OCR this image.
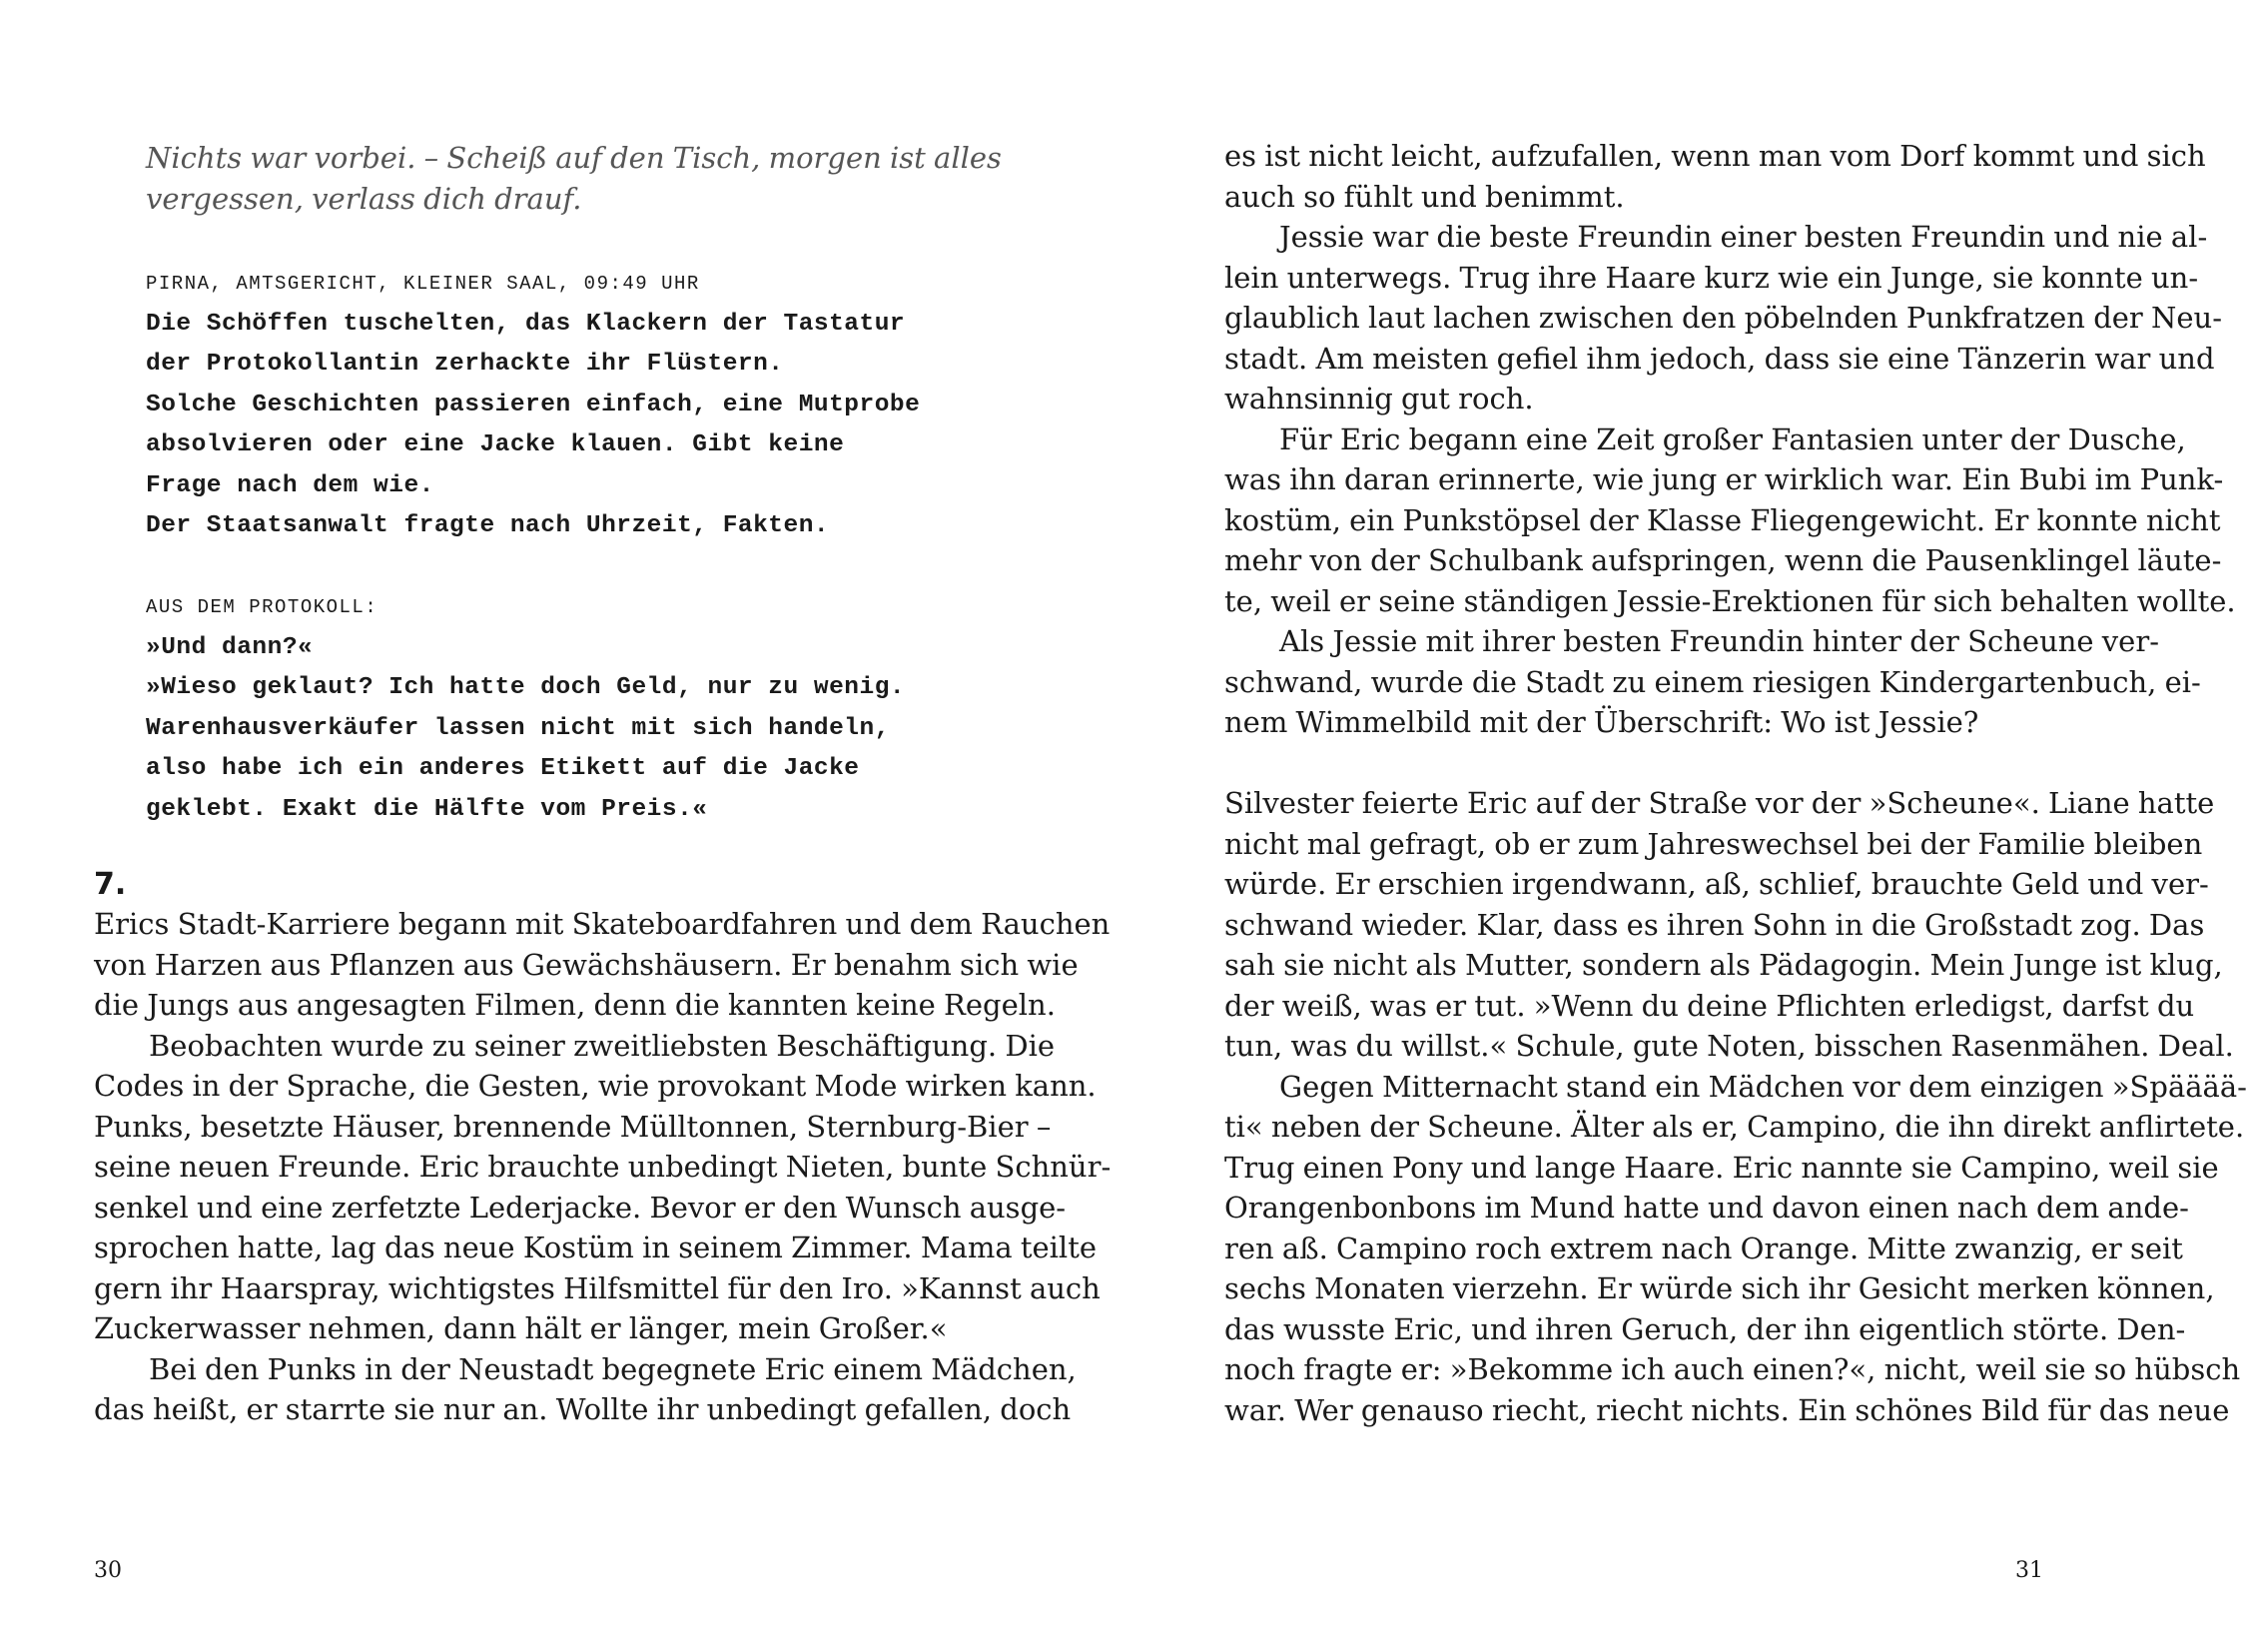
Nichts war vorbei. – Scheiß auf den Tisch, morgen ist alles
vergessen, verlass dich drauf.
PIRNA, AMTSGERICHT, KLEINER SAAL, 09:49 UHR
Die Schöffen tuschelten, das Klackern der Tastatur
der Protokollantin zerhackte ihr Flüstern.
Solche Geschichten passieren einfach, eine Mutprobe
absolvieren oder eine Jacke klauen. Gibt keine
Frage nach dem wie.
Der Staatsanwalt fragte nach Uhrzeit, Fakten.
AUS DEM PROTOKOLL:
»Und dann?«
»Wieso geklaut? Ich hatte doch Geld, nur zu wenig.
Warenhausverkäufer lassen nicht mit sich handeln,
also habe ich ein anderes Etikett auf die Jacke
geklebt. Exakt die Hälfte vom Preis.«
7.
Erics Stadt-Karriere begann mit Skateboardfahren und dem Rauchen
von Harzen aus Pflanzen aus Gewächshäusern. Er benahm sich wie
die Jungs aus angesagten Filmen, denn die kannten keine Regeln.
Beobachten wurde zu seiner zweitliebsten Beschäftigung. Die
Codes in der Sprache, die Gesten, wie provokant Mode wirken kann.
Punks, besetzte Häuser, brennende Mülltonnen, Sternburg-Bier –
seine neuen Freunde. Eric brauchte unbedingt Nieten, bunte Schnür-
senkel und eine zerfetzte Lederjacke. Bevor er den Wunsch ausge-
sprochen hatte, lag das neue Kostüm in seinem Zimmer. Mama teilte
gern ihr Haarspray, wichtigstes Hilfsmittel für den Iro. »Kannst auch
Zuckerwasser nehmen, dann hält er länger, mein Großer.«
Bei den Punks in der Neustadt begegnete Eric einem Mädchen,
das heißt, er starrte sie nur an. Wollte ihr unbedingt gefallen, doch
30
es ist nicht leicht, aufzufallen, wenn man vom Dorf kommt und sich
auch so fühlt und benimmt.
Jessie war die beste Freundin einer besten Freundin und nie al-
lein unterwegs. Trug ihre Haare kurz wie ein Junge, sie konnte un-
glaublich laut lachen zwischen den pöbelnden Punkfratzen der Neu-
stadt. Am meisten gefiel ihm jedoch, dass sie eine Tänzerin war und
wahnsinnig gut roch.
Für Eric begann eine Zeit großer Fantasien unter der Dusche,
was ihn daran erinnerte, wie jung er wirklich war. Ein Bubi im Punk-
kostüm, ein Punkstöpsel der Klasse Fliegengewicht. Er konnte nicht
mehr von der Schulbank aufspringen, wenn die Pausenklingel läute-
te, weil er seine ständigen Jessie-Erektionen für sich behalten wollte.
Als Jessie mit ihrer besten Freundin hinter der Scheune ver-
schwand, wurde die Stadt zu einem riesigen Kindergartenbuch, ei-
nem Wimmelbild mit der Überschrift: Wo ist Jessie?
Silvester feierte Eric auf der Straße vor der »Scheune«. Liane hatte
nicht mal gefragt, ob er zum Jahreswechsel bei der Familie bleiben
würde. Er erschien irgendwann, aß, schlief, brauchte Geld und ver-
schwand wieder. Klar, dass es ihren Sohn in die Großstadt zog. Das
sah sie nicht als Mutter, sondern als Pädagogin. Mein Junge ist klug,
der weiß, was er tut. »Wenn du deine Pflichten erledigst, darfst du
tun, was du willst.« Schule, gute Noten, bisschen Rasenmähen. Deal.
Gegen Mitternacht stand ein Mädchen vor dem einzigen »Spääää-
ti« neben der Scheune. Älter als er, Campino, die ihn direkt anflirtete.
Trug einen Pony und lange Haare. Eric nannte sie Campino, weil sie
Orangenbonbons im Mund hatte und davon einen nach dem ande-
ren aß. Campino roch extrem nach Orange. Mitte zwanzig, er seit
sechs Monaten vierzehn. Er würde sich ihr Gesicht merken können,
das wusste Eric, und ihren Geruch, der ihn eigentlich störte. Den-
noch fragte er: »Bekomme ich auch einen?«, nicht, weil sie so hübsch
war. Wer genauso riecht, riecht nichts. Ein schönes Bild für das neue
31
